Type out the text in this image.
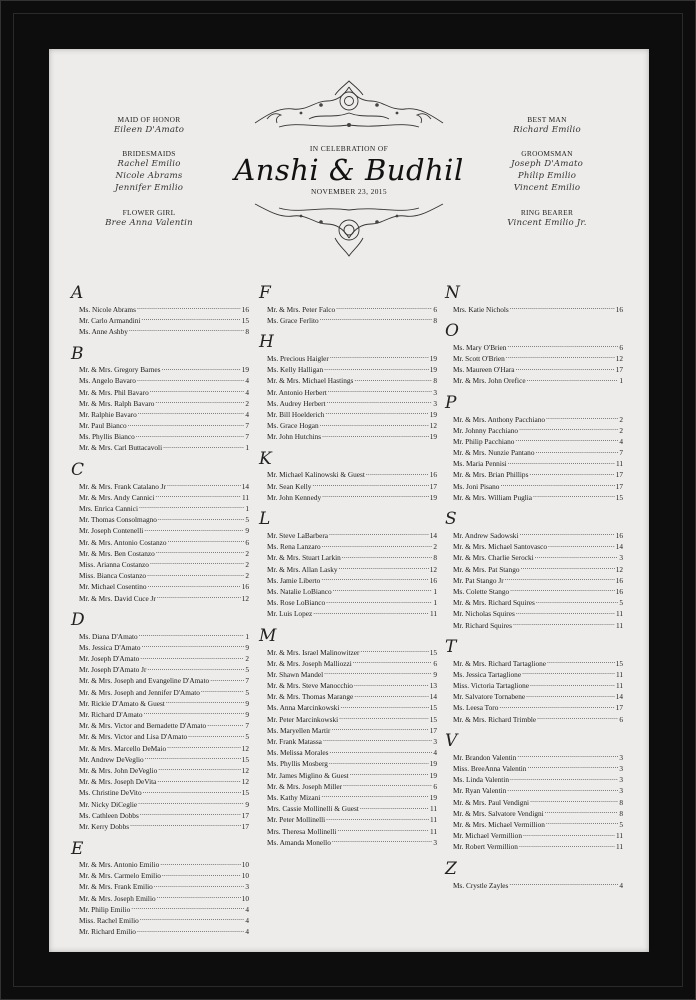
MAID OF HONOR
Eileen D'Amato
BRIDESMAIDS
Rachel Emilio
Nicole Abrams
Jennifer Emilio
FLOWER GIRL
Bree Anna Valentin
BEST MAN
Richard Emilio
GROOMSMAN
Joseph D'Amato
Philip Emilio
Vincent Emilio
RING BEARER
Vincent Emilio Jr.
IN CELEBRATION OF
Anshi & Budhil
NOVEMBER 23, 2015
A
Ms. Nicole Abrams .....	16
Mr. Carlo Armandini .....	15
Ms. Anne Ashby .....	8
B
Mr. & Mrs. Gregory Barnes .....	19
Ms. Angelo Bavaro .....	4
Mr. & Mrs. Phil Bavaro .....	4
Mr. & Mrs. Ralph Bavaro .....	2
Mr. Ralphie Bavaro .....	4
Mr. Paul Bianco .....	7
Ms. Phyllis Bianco .....	7
Mr. & Mrs. Carl Buttacavoli .....	1
C
Mr. & Mrs. Frank Catalano Jr .....	14
Mr. & Mrs. Andy Cannici .....	11
Mrs. Enrica Cannici .....	1
Mr. Thomas Consolmagno .....	5
Mr. Joseph Contenelli .....	9
Mr. & Mrs. Antonio Costanzo .....	6
Mr. & Mrs. Ben Costanzo .....	2
Miss. Arianna Costanzo .....	2
Miss. Bianca Costanzo .....	2
Mr. Michael Cosentino .....	16
Mr. & Mrs. David Cuce Jr .....	12
D
Ms. Diana D'Amato .....	1
Ms. Jessica D'Amato .....	9
Mr. Joseph D'Amato .....	2
Mr. Joseph D'Amato Jr .....	5
Mr. & Mrs. Joseph and Evangeline D'Amato .....	7
Mr. & Mrs. Joseph and Jennifer D'Amato .....	5
Mr. Rickie D'Amato & Guest .....	9
Mr. Richard D'Amato .....	9
Mr. & Mrs. Victor and Bernadette D'Amato .....	7
Mr. & Mrs. Victor and Lisa D'Amato .....	5
Mr. & Mrs. Marcello DeMaio .....	12
Mr. Andrew DeVeglio .....	15
Mr. & Mrs. John DeVeglio .....	12
Mr. & Mrs. Joseph DeVita .....	12
Ms. Christine DeVito .....	15
Mr. Nicky DiCeglie .....	9
Ms. Cathleen Dobbs .....	17
Mr. Kerry Dobbs .....	17
E
Mr. & Mrs. Antonio Emilio .....	10
Mr. & Mrs. Carmelo Emilio .....	10
Mr. & Mrs. Frank Emilio .....	3
Mr. & Mrs. Joseph Emilio .....	10
Mr. Philip Emilio .....	4
Miss. Rachel Emilio .....	4
Mr. Richard Emilio .....	4
F
Mr. & Mrs. Peter Falco .....	6
Ms. Grace Ferlito .....	8
H
Ms. Precious Haigler .....	19
Ms. Kelly Halligan .....	19
Mr. & Mrs. Michael Hastings .....	8
Mr. Antonio Herbert .....	3
Ms. Audrey Herbert .....	3
Mr. Bill Hoelderich .....	19
Ms. Grace Hogan .....	12
Mr. John Hutchins .....	19
K
Mr. Michael Kalinowski & Guest .....	16
Mr. Sean Kelly .....	17
Mr. John Kennedy .....	19
L
Mr. Steve LaBarbera .....	14
Ms. Rena Lanzaro .....	2
Mr. & Mrs. Stuart Larkin .....	8
Mr. & Mrs. Allan Lasky .....	12
Ms. Jamie Liberto .....	16
Ms. Natalie LoBianco .....	1
Ms. Rose LoBianco .....	1
Mr. Luis Lopez .....	11
M
Mr. & Mrs. Israel Malinowitzer .....	15
Mr. & Mrs. Joseph Malliozzi .....	6
Mr. Shawn Mandel .....	9
Mr. & Mrs. Steve Manocchio .....	13
Mr. & Mrs. Thomas Marange .....	14
Ms. Anna Marcinkowski .....	15
Mr. Peter Marcinkowski .....	15
Ms. Maryellen Martir .....	17
Mr. Frank Matassa .....	3
Ms. Melissa Morales .....	4
Ms. Phyllis Mosberg .....	19
Mr. James Miglino & Guest .....	19
Mr. & Mrs. Joseph Miller .....	6
Ms. Kathy Mizani .....	19
Mrs. Cassie Mollinelli & Guest .....	11
Mr. Peter Mollinelli .....	11
Mrs. Theresa Mollinelli .....	11
Ms. Amanda Monello .....	3
N
Mrs. Katie Nichols .....	16
O
Ms. Mary O'Brien .....	6
Mr. Scott O'Brien .....	12
Ms. Maureen O'Hara .....	17
Mr. & Mrs. John Orefice .....	1
P
Mr. & Mrs. Anthony Pacchiano .....	2
Mr. Johnny Pacchiano .....	2
Mr. Philip Pacchiano .....	4
Mr. & Mrs. Nunzie Pantano .....	7
Ms. Maria Pennisi .....	11
Mr. & Mrs. Brian Phillips .....	17
Ms. Joni Pisano .....	17
Mr. & Mrs. William Puglia .....	15
S
Mr. Andrew Sadowski .....	16
Mr. & Mrs. Michael Santovasco .....	14
Mr. & Mrs. Charlie Serocki .....	3
Mr. & Mrs. Pat Stango .....	12
Mr. Pat Stango Jr .....	16
Ms. Colette Stango .....	16
Mr. & Mrs. Richard Squires .....	5
Mr. Nicholas Squires .....	11
Mr. Richard Squires .....	11
T
Mr. & Mrs. Richard Tartaglione .....	15
Ms. Jessica Tartaglione .....	11
Miss. Victoria Tartaglione .....	11
Mr. Salvatore Tornabene .....	14
Ms. Leesa Toro .....	17
Mr. & Mrs. Richard Trimble .....	6
V
Mr. Brandon Valentin .....	3
Miss. BreeAnna Valentin .....	3
Ms. Linda Valentin .....	3
Mr. Ryan Valentin .....	3
Mr. & Mrs. Paul Vendigni .....	8
Mr. & Mrs. Salvatore Vendigni .....	8
Mr. & Mrs. Michael Vermillion .....	5
Mr. Michael Vermillion .....	11
Mr. Robert Vermillion .....	11
Z
Ms. Crystle Zayles .....	4
